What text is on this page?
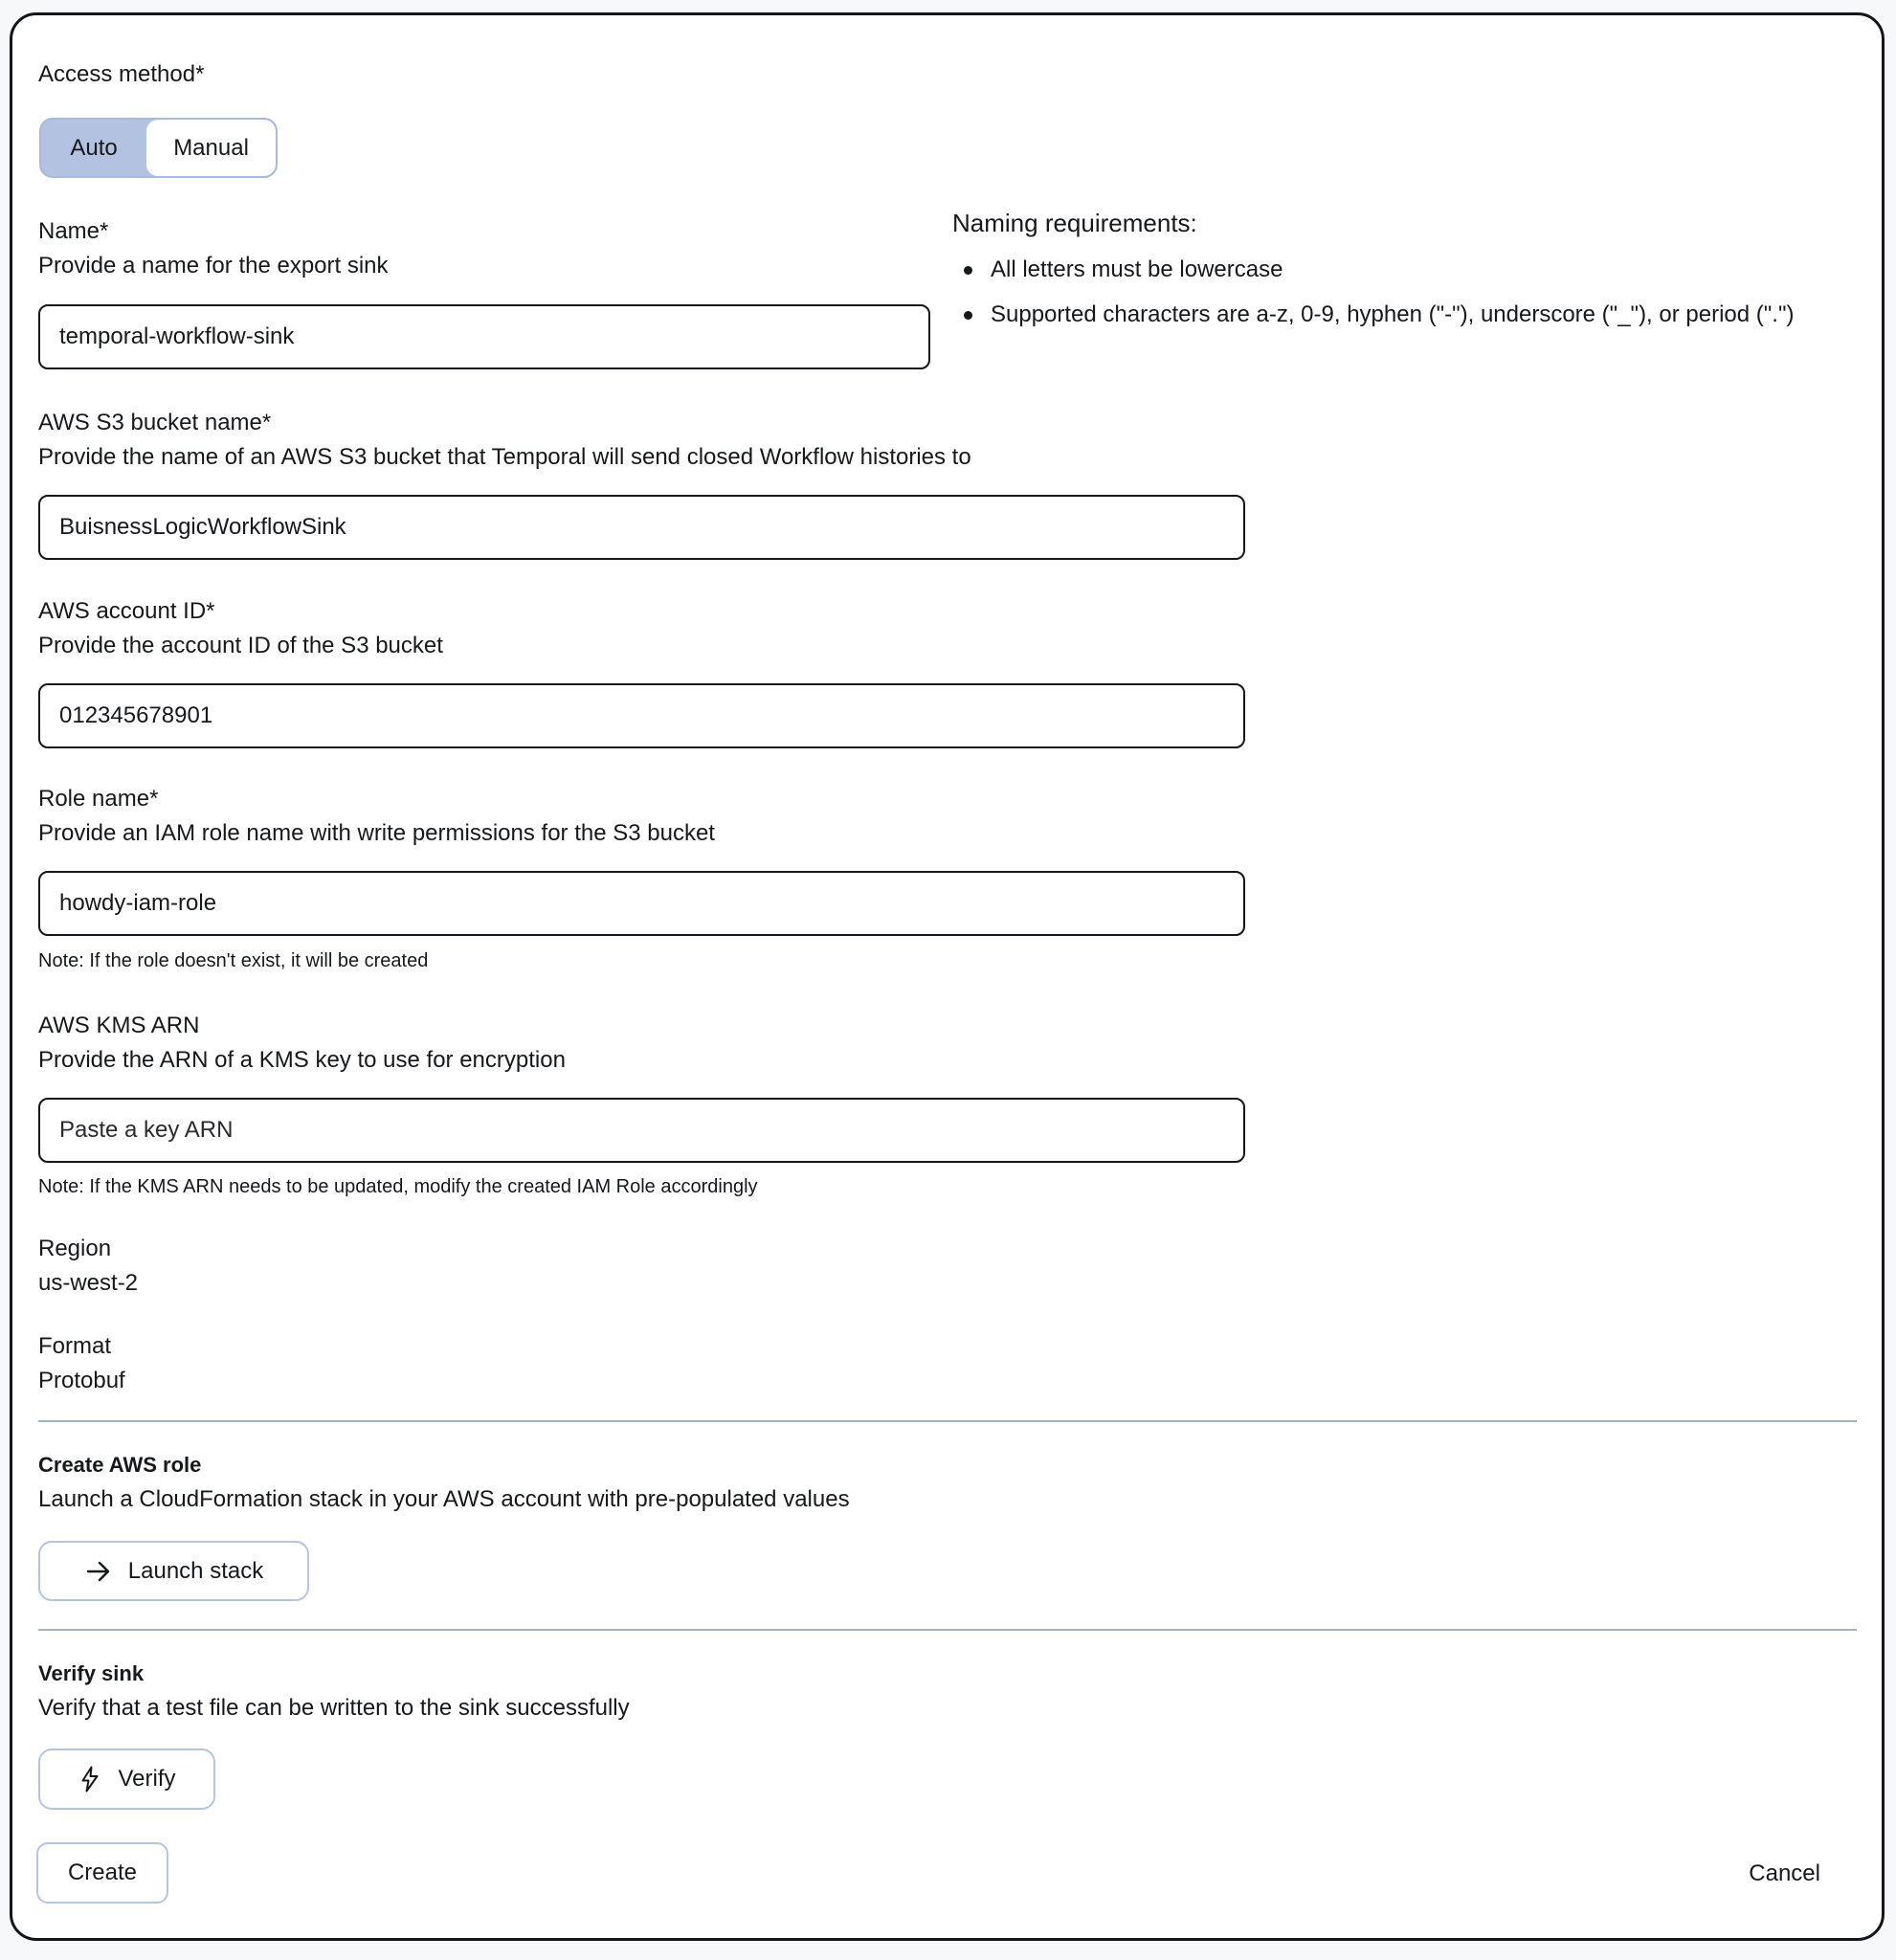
Access method*
Auto	Manual
Name*
Provide a name for the export sink
temporal-workflow-sink
Naming requirements:
All letters must be lowercase
Supported characters are a-z, 0-9, hyphen ("-"), underscore ("_"), or period (".")
AWS S3 bucket name*
Provide the name of an AWS S3 bucket that Temporal will send closed Workflow histories to
BuisnessLogicWorkflowSink
AWS account ID*
Provide the account ID of the S3 bucket
012345678901
Role name*
Provide an IAM role name with write permissions for the S3 bucket
howdy-iam-role
Note: If the role doesn't exist, it will be created
AWS KMS ARN
Provide the ARN of a KMS key to use for encryption
Paste a key ARN
Note: If the KMS ARN needs to be updated, modify the created IAM Role accordingly
Region
us-west-2
Format
Protobuf
Create AWS role
Launch a CloudFormation stack in your AWS account with pre-populated values
Launch stack
Verify sink
Verify that a test file can be written to the sink successfully
Verify
Create	Cancel
